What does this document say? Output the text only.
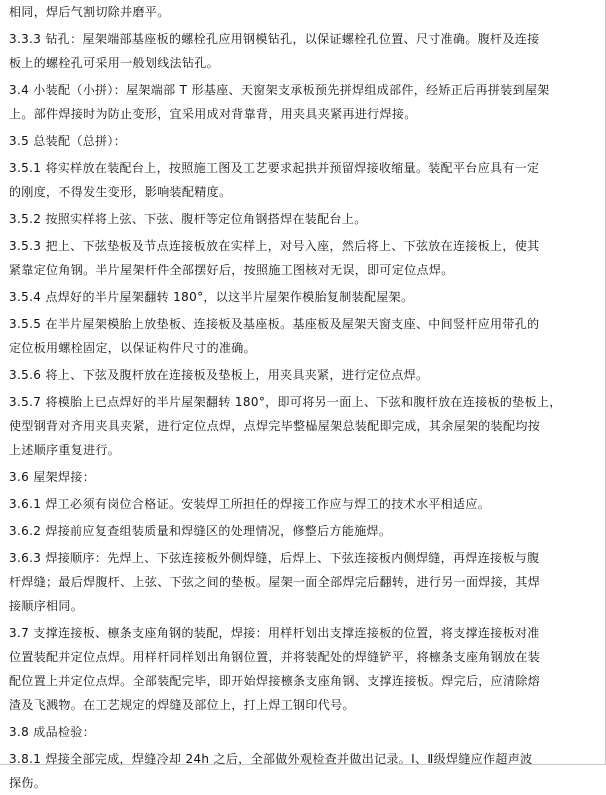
相同，焊后气割切除并磨平。
3.3.3 钻孔：屋架端部基座板的螺栓孔应用钢模钻孔，以保证螺栓孔位置、尺寸准确。腹杆及连接
板上的螺栓孔可采用一般划线法钻孔。
3.4 小装配（小拼）：屋架端部 T 形基座、天窗架支承板预先拼焊组成部件，经矫正后再拼装到屋架
上。部件焊接时为防止变形，宜采用成对背靠背，用夹具夹紧再进行焊接。
3.5 总装配（总拼）：
3.5.1 将实样放在装配台上，按照施工图及工艺要求起拱并预留焊接收缩量。装配平台应具有一定
的刚度，不得发生变形，影响装配精度。
3.5.2 按照实样将上弦、下弦、腹杆等定位角钢搭焊在装配台上。
3.5.3 把上、下弦垫板及节点连接板放在实样上，对号入座，然后将上、下弦放在连接板上，使其
紧靠定位角钢。半片屋架杆件全部摆好后，按照施工图核对无误，即可定位点焊。
3.5.4 点焊好的半片屋架翻转 180°，以这半片屋架作模胎复制装配屋架。
3.5.5 在半片屋架模胎上放垫板、连接板及基座板。基座板及屋架天窗支座、中间竖杆应用带孔的
定位板用螺栓固定，以保证构件尺寸的准确。
3.5.6 将上、下弦及腹杆放在连接板及垫板上，用夹具夹紧，进行定位点焊。
3.5.7 将模胎上已点焊好的半片屋架翻转 180°，即可将另一面上、下弦和腹杆放在连接板的垫板上，
使型钢背对齐用夹具夹紧，进行定位点焊，点焊完毕整榀屋架总装配即完成，其余屋架的装配均按
上述顺序重复进行。
3.6 屋架焊接：
3.6.1 焊工必须有岗位合格证。安装焊工所担任的焊接工作应与焊工的技术水平相适应。
3.6.2 焊接前应复查组装质量和焊缝区的处理情况，修整后方能施焊。
3.6.3 焊接顺序：先焊上、下弦连接板外侧焊缝，后焊上、下弦连接板内侧焊缝，再焊连接板与腹
杆焊缝；最后焊腹杆、上弦、下弦之间的垫板。屋架一面全部焊完后翻转，进行另一面焊接，其焊
接顺序相同。
3.7 支撑连接板、檩条支座角钢的装配，焊接：用样杆划出支撑连接板的位置，将支撑连接板对准
位置装配并定位点焊。用样杆同样划出角钢位置，并将装配处的焊缝铲平，将檩条支座角钢放在装
配位置上并定位点焊。全部装配完毕，即开始焊接檩条支座角钢、支撑连接板。焊完后，应清除熔
渣及飞溅物。在工艺规定的焊缝及部位上，打上焊工钢印代号。
3.8 成品检验：
3.8.1 焊接全部完成，焊缝冷却 24h 之后，全部做外观检查并做出记录。Ⅰ、Ⅱ级焊缝应作超声波
探伤。
